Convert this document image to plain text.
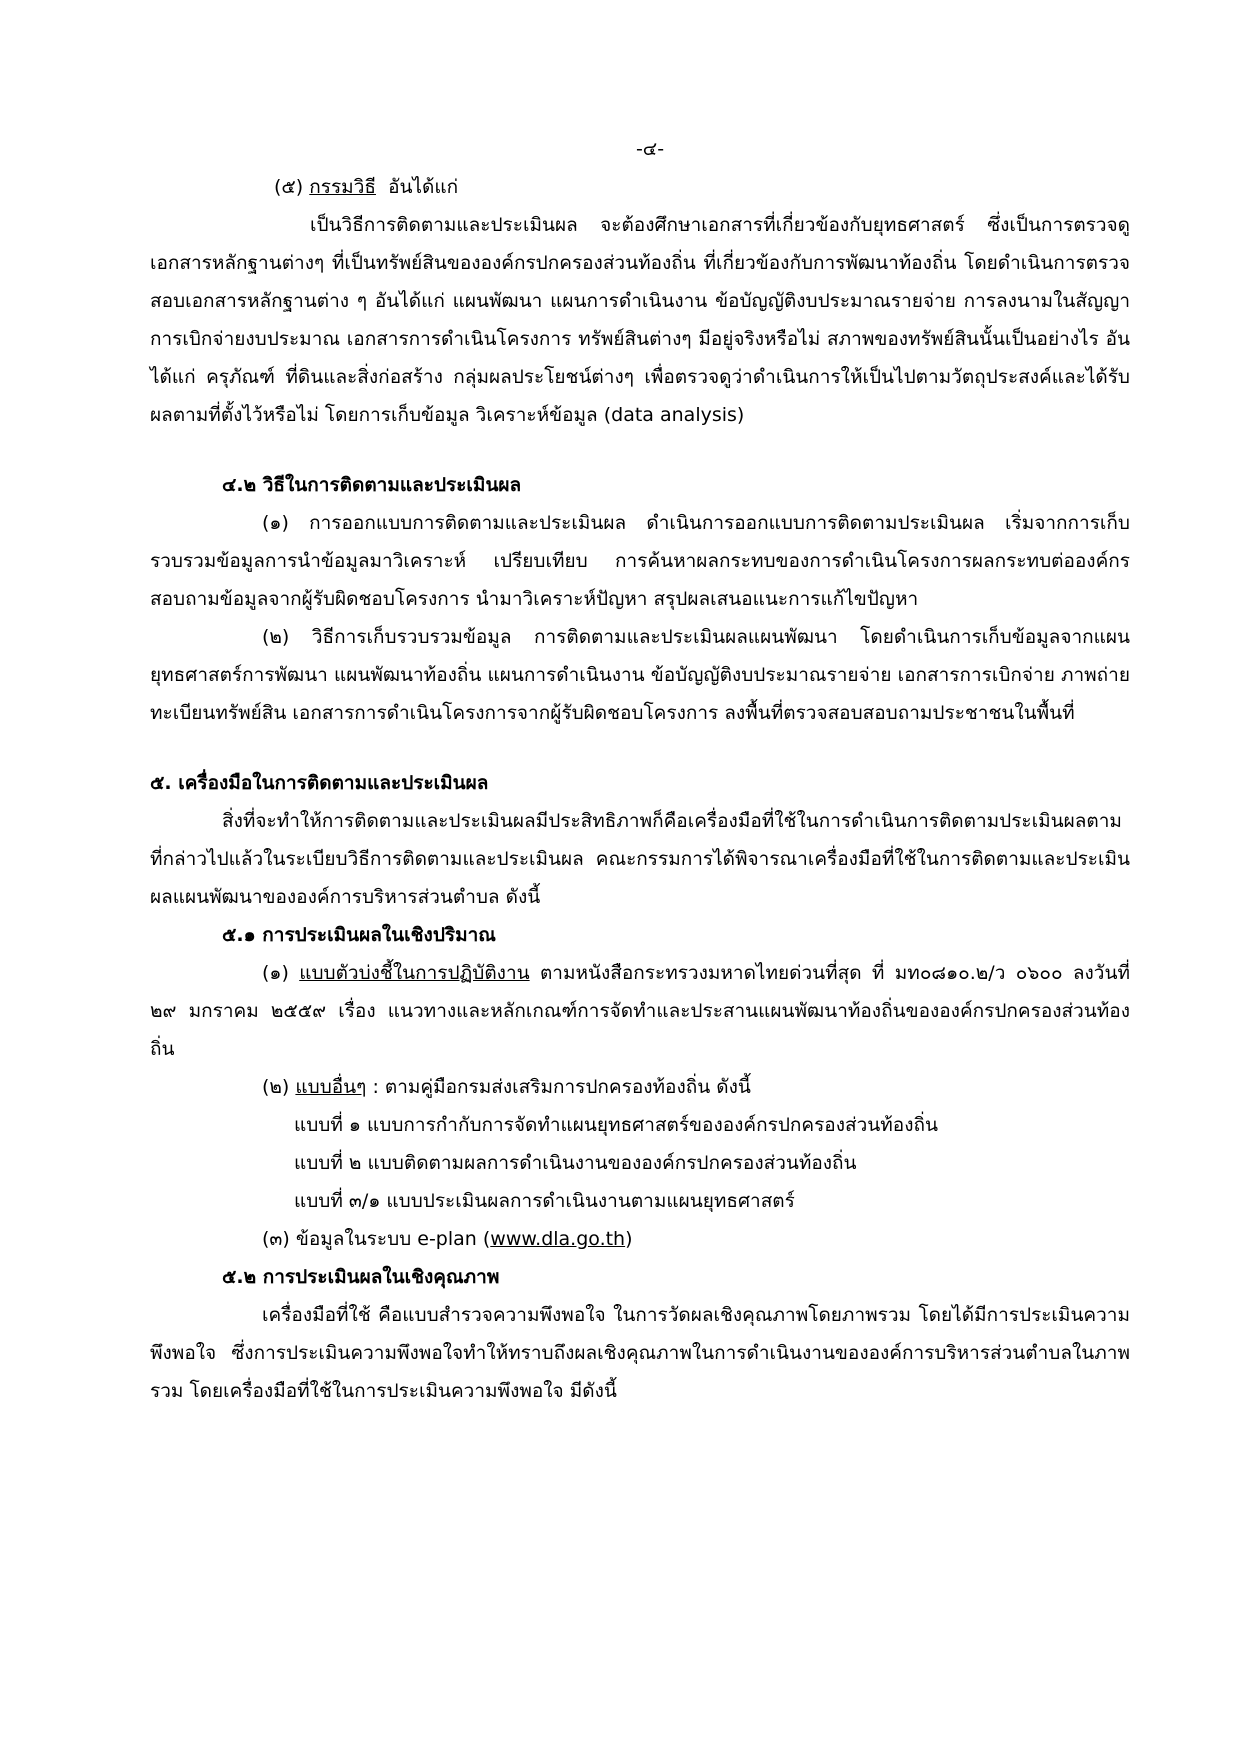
-๔-

(๕) กรรมวิธี อันได้แก่

เป็นวิธีการติดตามและประเมินผล จะต้องศึกษาเอกสารที่เกี่ยวข้องกับยุทธศาสตร์ ซึ่งเป็นการตรวจดูเอกสารหลักฐานต่างๆ ที่เป็นทรัพย์สินขององค์กรปกครองส่วนท้องถิ่น ที่เกี่ยวข้องกับการพัฒนาท้องถิ่น โดยดำเนินการตรวจสอบเอกสารหลักฐานต่าง ๆ อันได้แก่ แผนพัฒนา แผนการดำเนินงาน ข้อบัญญัติงบประมาณรายจ่าย การลงนามในสัญญา การเบิกจ่ายงบประมาณ เอกสารการดำเนินโครงการ ทรัพย์สินต่างๆ มีอยู่จริงหรือไม่ สภาพของทรัพย์สินนั้นเป็นอย่างไร อันได้แก่ ครุภัณฑ์ ที่ดินและสิ่งก่อสร้าง กลุ่มผลประโยชน์ต่างๆ เพื่อตรวจดูว่าดำเนินการให้เป็นไปตามวัตถุประสงค์และได้รับผลตามที่ตั้งไว้หรือไม่ โดยการเก็บข้อมูล วิเคราะห์ข้อมูล (data analysis)

๔.๒ วิธีในการติดตามและประเมินผล

(๑) การออกแบบการติดตามและประเมินผล ดำเนินการออกแบบการติดตามประเมินผล เริ่มจากการเก็บรวบรวมข้อมูลการนำข้อมูลมาวิเคราะห์ เปรียบเทียบ การค้นหาผลกระทบของการดำเนินโครงการผลกระทบต่อองค์กรสอบถามข้อมูลจากผู้รับผิดชอบโครงการ นำมาวิเคราะห์ปัญหา สรุปผลเสนอแนะการแก้ไขปัญหา

(๒) วิธีการเก็บรวบรวมข้อมูล การติดตามและประเมินผลแผนพัฒนา โดยดำเนินการเก็บข้อมูลจากแผนยุทธศาสตร์การพัฒนา แผนพัฒนาท้องถิ่น แผนการดำเนินงาน ข้อบัญญัติงบประมาณรายจ่าย เอกสารการเบิกจ่าย ภาพถ่าย ทะเบียนทรัพย์สิน เอกสารการดำเนินโครงการจากผู้รับผิดชอบโครงการ ลงพื้นที่ตรวจสอบสอบถามประชาชนในพื้นที่

๕. เครื่องมือในการติดตามและประเมินผล

สิ่งที่จะทำให้การติดตามและประเมินผลมีประสิทธิภาพก็คือเครื่องมือที่ใช้ในการดำเนินการติดตามประเมินผลตามที่กล่าวไปแล้วในระเบียบวิธีการติดตามและประเมินผล คณะกรรมการได้พิจารณาเครื่องมือที่ใช้ในการติดตามและประเมินผลแผนพัฒนาขององค์การบริหารส่วนตำบล ดังนี้

๕.๑ การประเมินผลในเชิงปริมาณ

(๑) แบบตัวบ่งชี้ในการปฏิบัติงาน ตามหนังสือกระทรวงมหาดไทยด่วนที่สุด ที่ มท๐๘๑๐.๒/ว ๐๖๐๐ ลงวันที่ ๒๙ มกราคม ๒๕๕๙ เรื่อง แนวทางและหลักเกณฑ์การจัดทำและประสานแผนพัฒนาท้องถิ่นขององค์กรปกครองส่วนท้องถิ่น

(๒) แบบอื่นๆ : ตามคู่มือกรมส่งเสริมการปกครองท้องถิ่น ดังนี้

แบบที่ ๑ แบบการกำกับการจัดทำแผนยุทธศาสตร์ขององค์กรปกครองส่วนท้องถิ่น

แบบที่ ๒ แบบติดตามผลการดำเนินงานขององค์กรปกครองส่วนท้องถิ่น

แบบที่ ๓/๑ แบบประเมินผลการดำเนินงานตามแผนยุทธศาสตร์

(๓) ข้อมูลในระบบ e-plan (www.dla.go.th)

๕.๒ การประเมินผลในเชิงคุณภาพ

เครื่องมือที่ใช้ คือแบบสำรวจความพึงพอใจ ในการวัดผลเชิงคุณภาพโดยภาพรวม โดยได้มีการประเมินความพึงพอใจ ซึ่งการประเมินความพึงพอใจทำให้ทราบถึงผลเชิงคุณภาพในการดำเนินงานขององค์การบริหารส่วนตำบลในภาพรวม โดยเครื่องมือที่ใช้ในการประเมินความพึงพอใจ มีดังนี้
